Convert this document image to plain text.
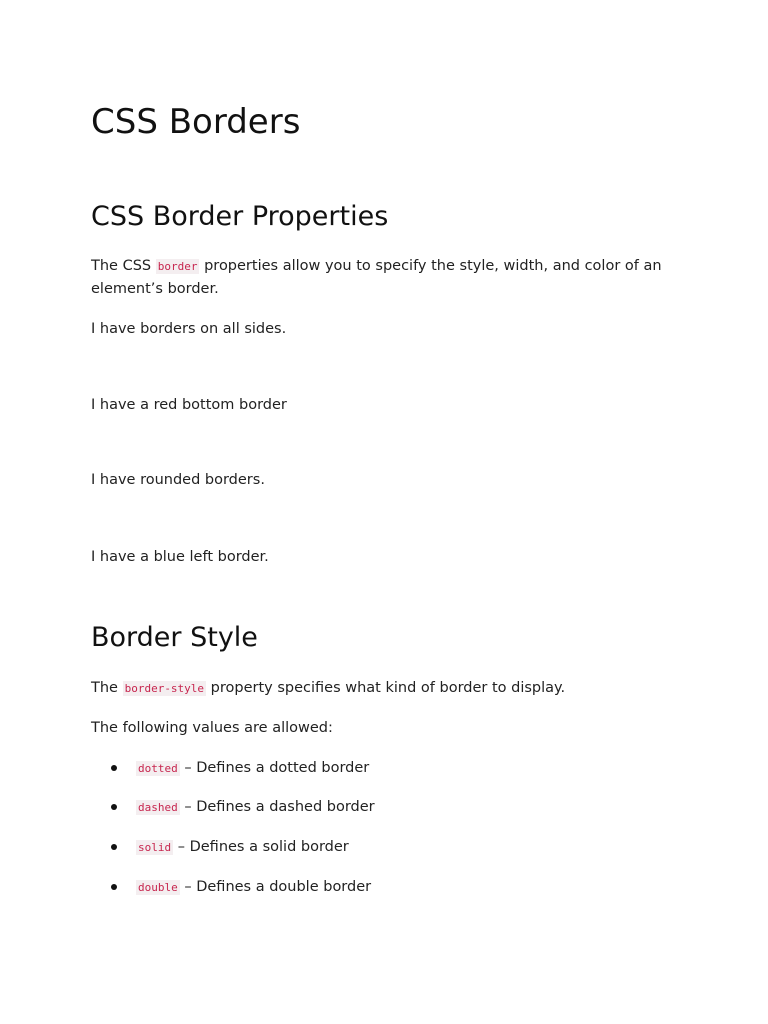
CSS Borders
CSS Border Properties

The CSS border properties allow you to specify the style, width, and color of an element’s border.

I have borders on all sides.

I have a red bottom border

I have rounded borders.

I have a blue left border.

Border Style

The border-style property specifies what kind of border to display.

The following values are allowed:

dotted – Defines a dotted border
dashed – Defines a dashed border
solid – Defines a solid border
double – Defines a double border
